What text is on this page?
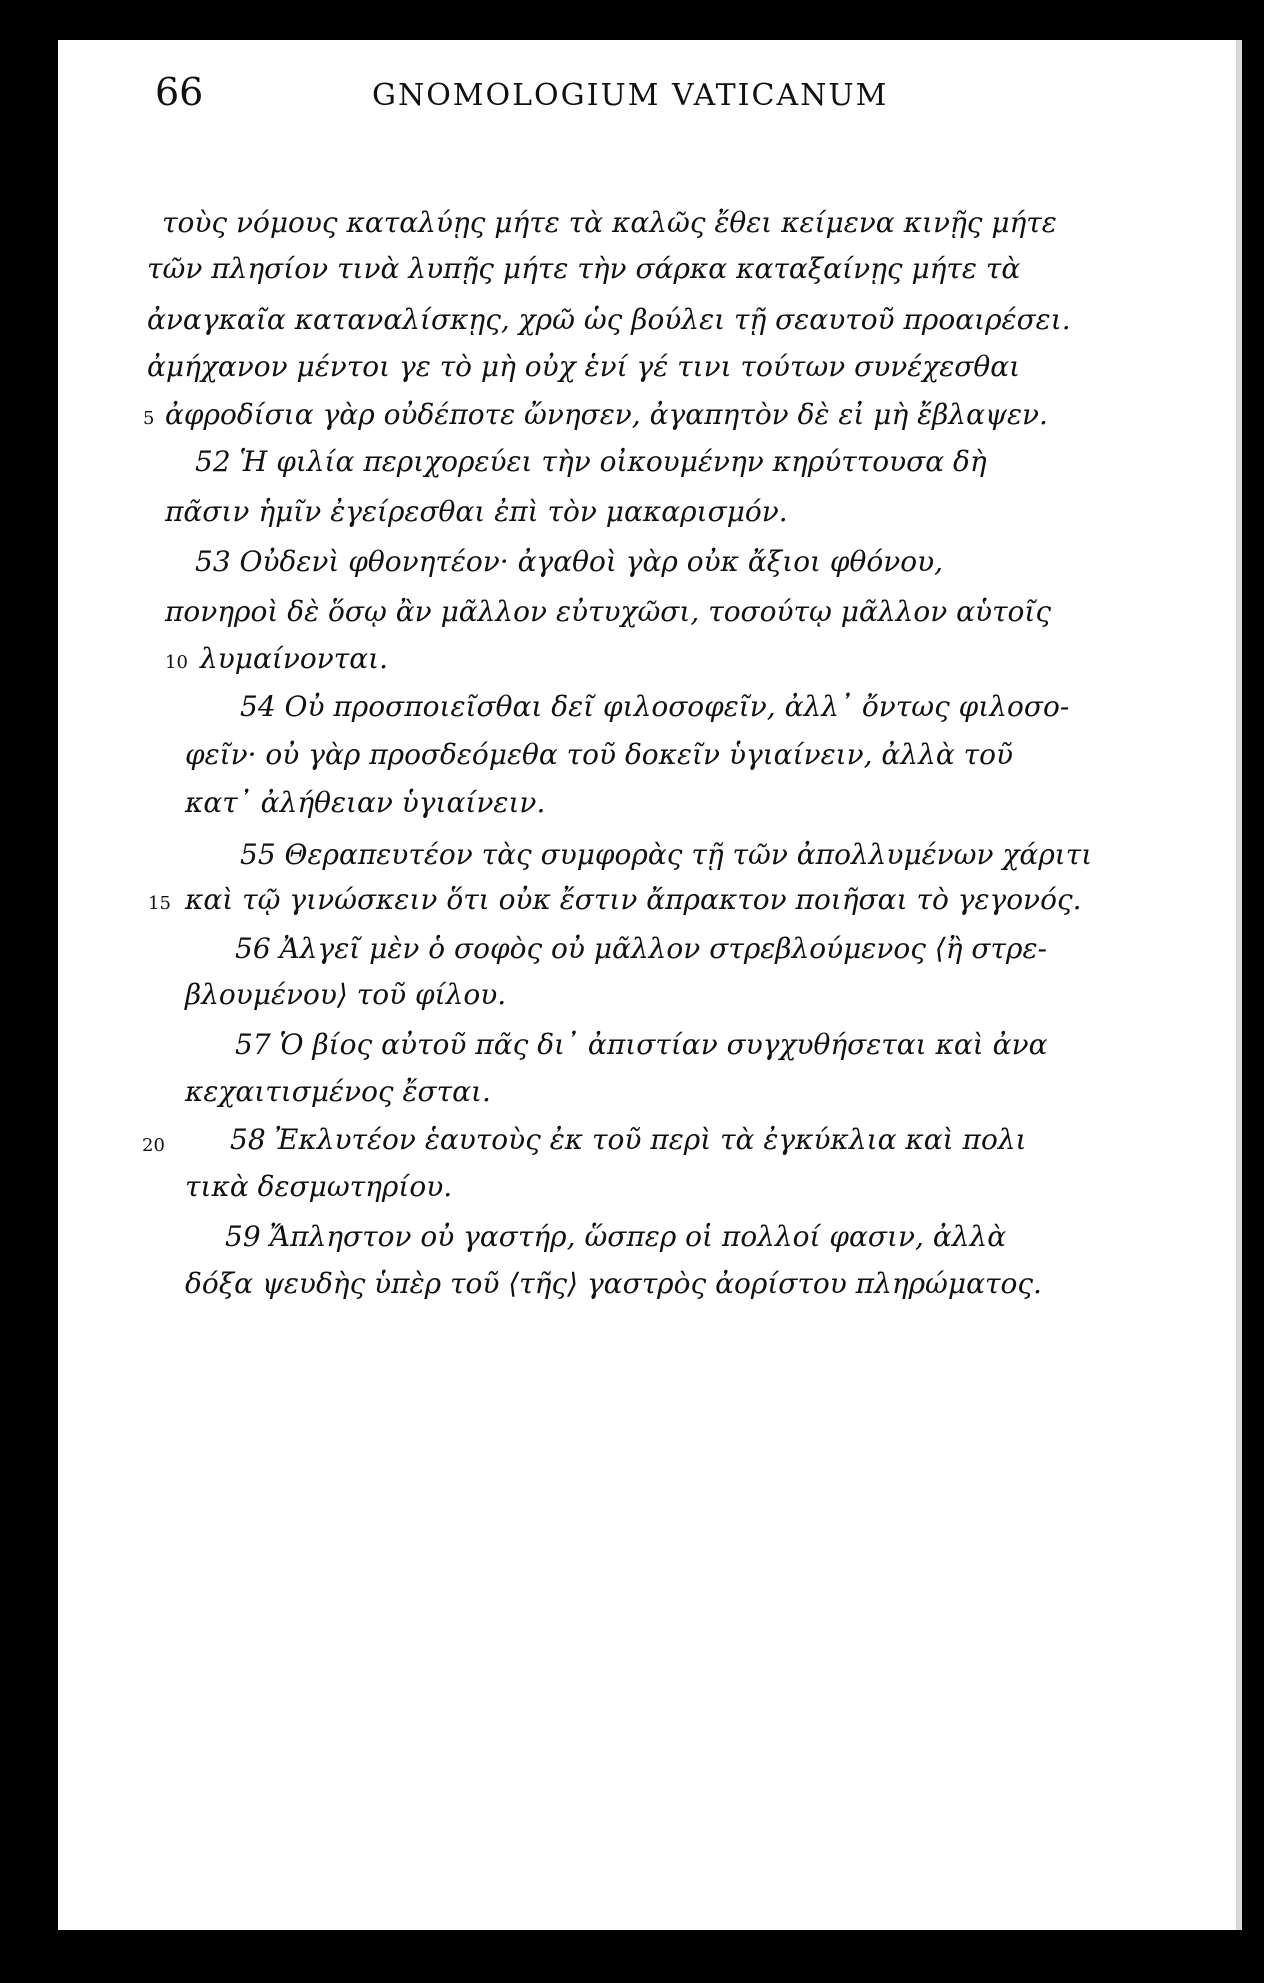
66	GNOMOLOGIUM VATICANUM
τοὺς νόμους καταλύῃς μήτε τὰ καλῶς ἔθει κείμενα κινῇς μήτε
τῶν πλησίον τινὰ λυπῇς μήτε τὴν σάρκα καταξαίνῃς μήτε τὰ
ἀναγκαῖα καταναλίσκῃς, χρῶ ὡς βούλει τῇ σεαυτοῦ προαιρέσει.
ἀμήχανον μέντοι γε τὸ μὴ οὐχ ἑνί γέ τινι τούτων συνέχεσθαι
5 ἀφροδίσια γὰρ οὐδέποτε ὤνησεν, ἀγαπητὸν δὲ εἰ μὴ ἔβλαψεν.
52 Ἡ φιλία περιχορεύει τὴν οἰκουμένην κηρύττουσα δὴ
πᾶσιν ἡμῖν ἐγείρεσθαι ἐπὶ τὸν μακαρισμόν.
53 Οὐδενὶ φθονητέον· ἀγαθοὶ γὰρ οὐκ ἄξιοι φθόνου,
πονηροὶ δὲ ὅσῳ ἂν μᾶλλον εὐτυχῶσι, τοσούτῳ μᾶλλον αὑτοῖς
10 λυμαίνονται.
54 Οὐ προσποιεῖσθαι δεῖ φιλοσοφεῖν, ἀλλ᾽ ὄντως φιλοσο-
φεῖν· οὐ γὰρ προσδεόμεθα τοῦ δοκεῖν ὑγιαίνειν, ἀλλὰ τοῦ
κατ᾽ ἀλήθειαν ὑγιαίνειν.
55 Θεραπευτέον τὰς συμφορὰς τῇ τῶν ἀπολλυμένων χάριτι
15 καὶ τῷ γινώσκειν ὅτι οὐκ ἔστιν ἄπρακτον ποιῆσαι τὸ γεγονός.
56 Ἀλγεῖ μὲν ὁ σοφὸς οὐ μᾶλλον στρεβλούμενος ⟨ἢ στρε-
βλουμένου⟩ τοῦ φίλου.
57 Ὁ βίος αὐτοῦ πᾶς δι᾽ ἀπιστίαν συγχυθήσεται καὶ ἀνα
κεχαιτισμένος ἔσται.
20 58 Ἐκλυτέον ἑαυτοὺς ἐκ τοῦ περὶ τὰ ἐγκύκλια καὶ πολι
τικὰ δεσμωτηρίου.
59 Ἄπληστον οὐ γαστήρ, ὥσπερ οἱ πολλοί φασιν, ἀλλὰ
δόξα ψευδὴς ὑπὲρ τοῦ ⟨τῆς⟩ γαστρὸς ἀορίστου πληρώματος.
